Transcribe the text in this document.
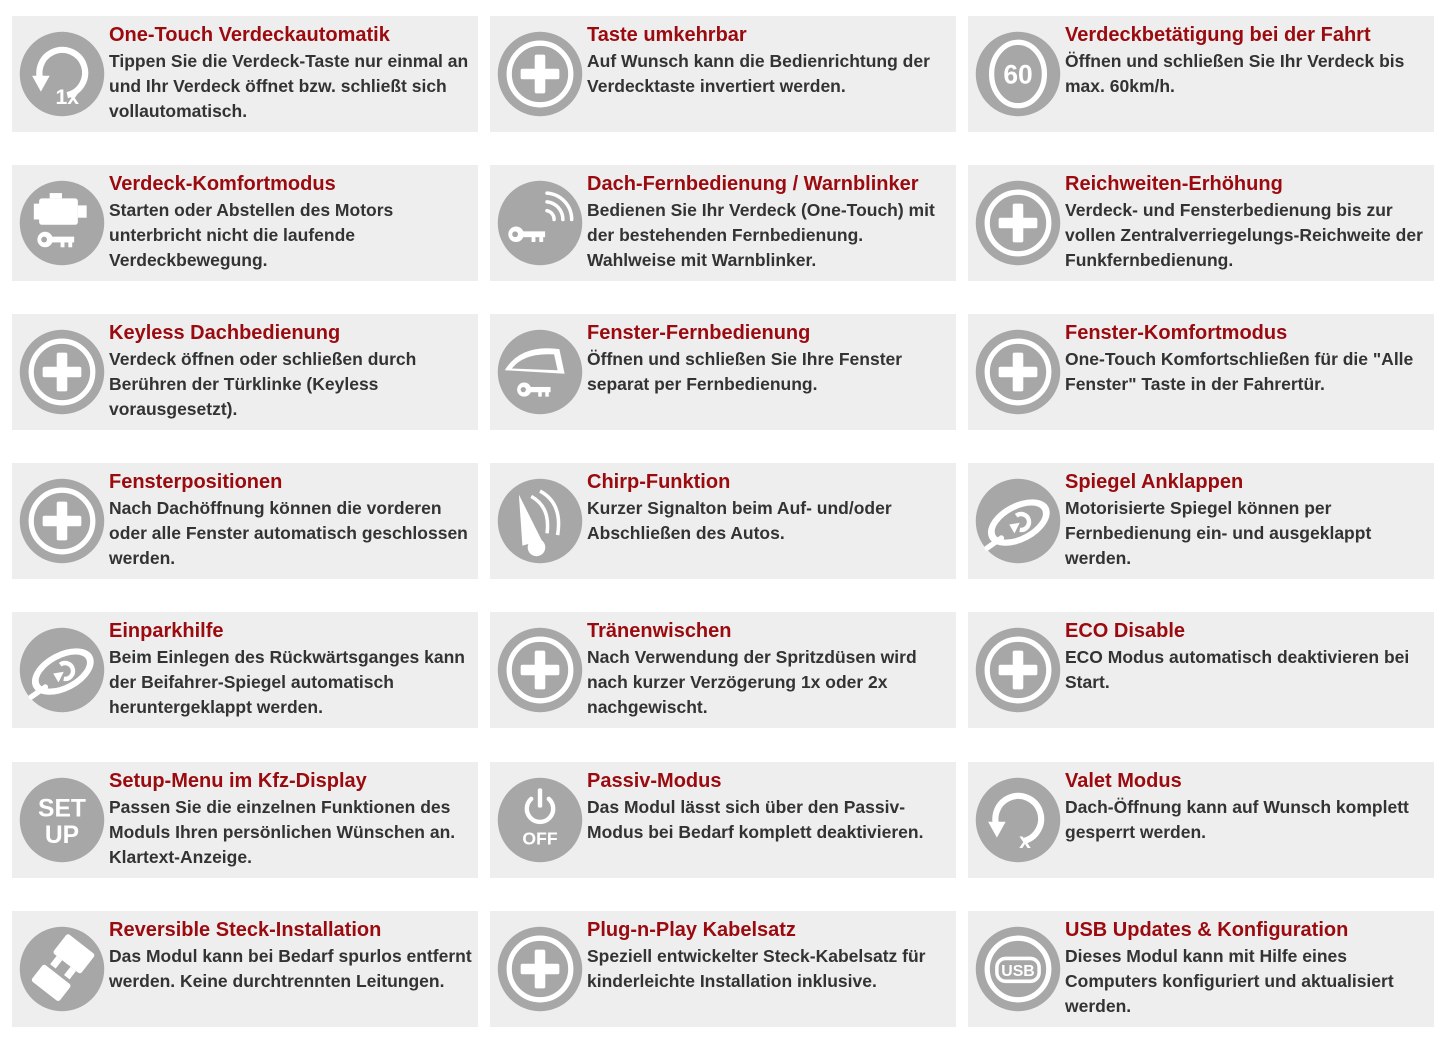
1x
One-Touch Verdeckautomatik
Tippen Sie die Verdeck-Taste nur einmal an und Ihr Verdeck öffnet bzw. schließt sich vollautomatisch.
Taste umkehrbar
Auf Wunsch kann die Bedienrichtung der Verdecktaste invertiert werden.	60
Verdeckbetätigung bei der Fahrt
Öffnen und schließen Sie Ihr Verdeck bis max. 60km/h.
Verdeck-Komfortmodus
Starten oder Abstellen des Motors unterbricht nicht die laufende Verdeckbewegung.
Dach-Fernbedienung / Warnblinker
Bedienen Sie Ihr Verdeck (One-Touch) mit der bestehenden Fernbedienung. Wahlweise mit Warnblinker.
Reichweiten-Erhöhung
Verdeck- und Fensterbedienung bis zur vollen Zentralverriegelungs-Reichweite der Funkfernbedienung.
Keyless Dachbedienung
Verdeck öffnen oder schließen durch Berühren der Türklinke (Keyless vorausgesetzt).
Fenster-Fernbedienung
Öffnen und schließen Sie Ihre Fenster separat per Fernbedienung.
Fenster-Komfortmodus
One-Touch Komfortschließen für die "Alle Fenster" Taste in der Fahrertür.
Fensterpositionen
Nach Dachöffnung können die vorderen oder alle Fenster automatisch geschlossen werden.
Chirp-Funktion
Kurzer Signalton beim Auf- und/oder Abschließen des Autos.
Spiegel Anklappen
Motorisierte Spiegel können per Fernbedienung ein- und ausgeklappt werden.
Einparkhilfe
Beim Einlegen des Rückwärtsganges kann der Beifahrer-Spiegel automatisch heruntergeklappt werden.
Tränenwischen
Nach Verwendung der Spritzdüsen wird nach kurzer Verzögerung 1x oder 2x nachgewischt.
ECO Disable
ECO Modus automatisch deaktivieren bei Start.
SET
UP
Setup-Menu im Kfz-Display
Passen Sie die einzelnen Funktionen des Moduls Ihren persönlichen Wünschen an. Klartext-Anzeige.
OFF
Passiv-Modus
Das Modul lässt sich über den Passiv-Modus bei Bedarf komplett deaktivieren.	x
Valet Modus
Dach-Öffnung kann auf Wunsch komplett gesperrt werden.
Reversible Steck-Installation
Das Modul kann bei Bedarf spurlos entfernt werden. Keine durchtrennten Leitungen.
Plug-n-Play Kabelsatz
Speziell entwickelter Steck-Kabelsatz für kinderleichte Installation inklusive.	USB
USB Updates & Konfiguration
Dieses Modul kann mit Hilfe eines Computers konfiguriert und aktualisiert werden.
